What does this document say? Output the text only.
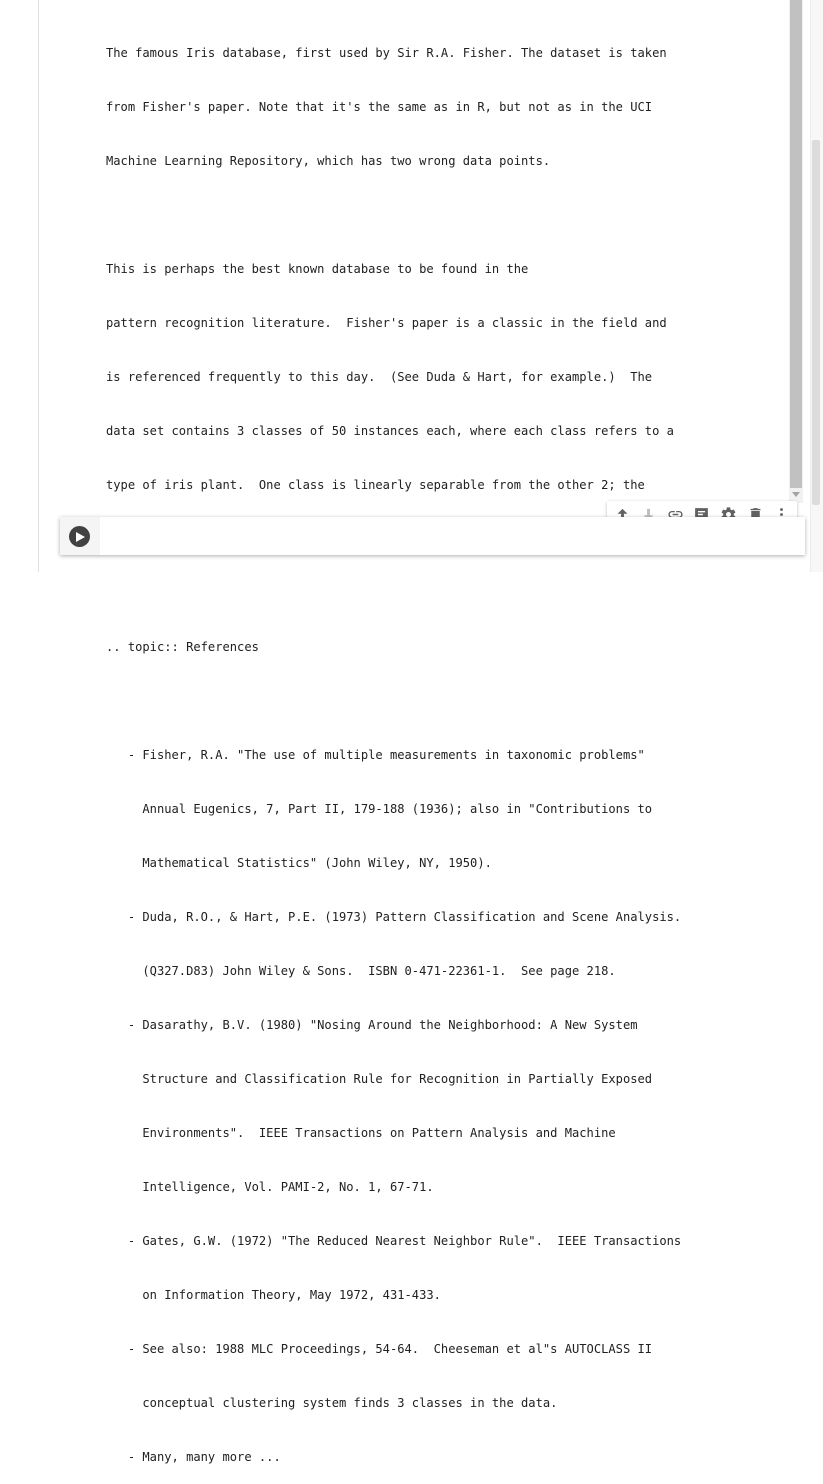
The famous Iris database, first used by Sir R.A. Fisher. The dataset is taken

from Fisher's paper. Note that it's the same as in R, but not as in the UCI

Machine Learning Repository, which has two wrong data points.

This is perhaps the best known database to be found in the

pattern recognition literature.  Fisher's paper is a classic in the field and

is referenced frequently to this day.  (See Duda & Hart, for example.)  The

data set contains 3 classes of 50 instances each, where each class refers to a

type of iris plant.  One class is linearly separable from the other 2; the

.. topic:: References

- Fisher, R.A. "The use of multiple measurements in taxonomic problems"

Annual Eugenics, 7, Part II, 179-188 (1936); also in "Contributions to

Mathematical Statistics" (John Wiley, NY, 1950).

- Duda, R.O., & Hart, P.E. (1973) Pattern Classification and Scene Analysis.

(Q327.D83) John Wiley & Sons.  ISBN 0-471-22361-1.  See page 218.

- Dasarathy, B.V. (1980) "Nosing Around the Neighborhood: A New System

Structure and Classification Rule for Recognition in Partially Exposed

Environments".  IEEE Transactions on Pattern Analysis and Machine

Intelligence, Vol. PAMI-2, No. 1, 67-71.

- Gates, G.W. (1972) "The Reduced Nearest Neighbor Rule".  IEEE Transactions

on Information Theory, May 1972, 431-433.

- See also: 1988 MLC Proceedings, 54-64.  Cheeseman et al"s AUTOCLASS II

conceptual clustering system finds 3 classes in the data.

- Many, many more ...
